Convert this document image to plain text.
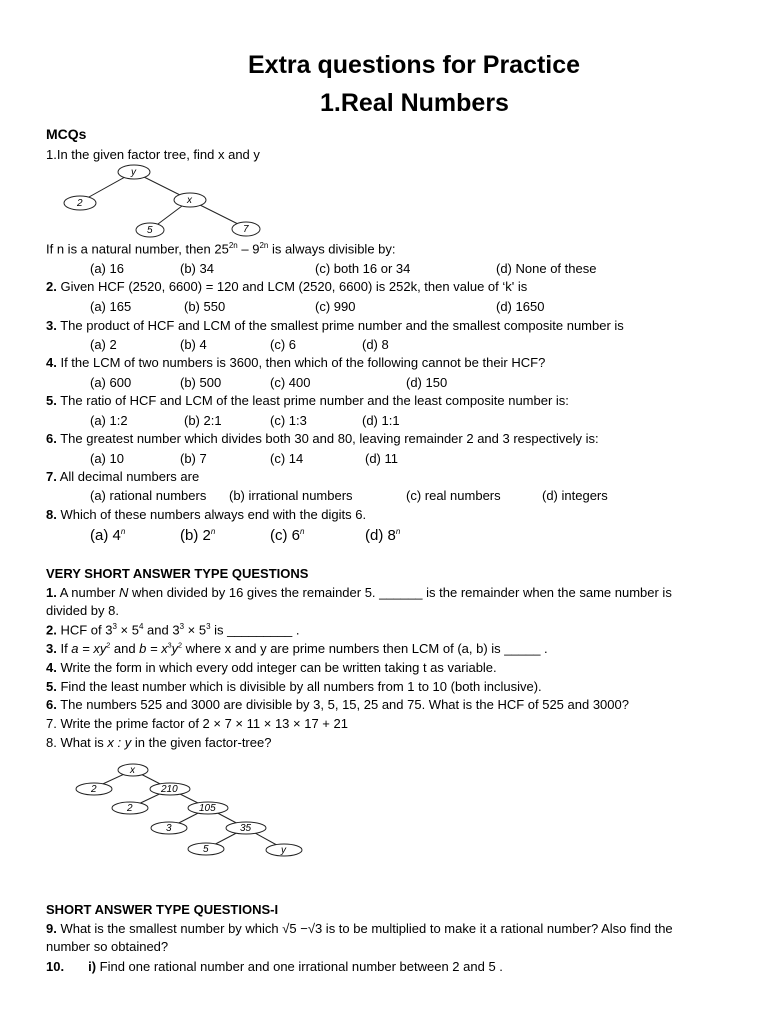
Extra questions for Practice
1.Real Numbers
MCQs
1.In the given factor tree, find x and y
y
2	x
5	7
If n is a natural number, then $25^{2n} - 9^{2n}$ is always divisible by:
(a) 16	(b) 34	(c) both 16 or 34	(d) None of these
2. Given HCF (2520, 6600) = 120 and LCM (2520, 6600) is 252k, then value of ‘k' is
(a) 165	(b) 550	(c) 990	(d) 1650
3. The product of HCF and LCM of the smallest prime number and the smallest composite number is
(a) 2	(b) 4	(c) 6	(d) 8
4. If the LCM of two numbers is 3600, then which of the following cannot be their HCF?
(a) 600	(b) 500	(c) 400	(d) 150
5. The ratio of HCF and LCM of the least prime number and the least composite number is:
(a) 1:2	(b) 2:1	(c) 1:3	(d) 1:1
6. The greatest number which divides both 30 and 80, leaving remainder 2 and 3 respectively is:
(a) 10	(b) 7	(c) 14	(d) 11
7. All decimal numbers are
(a) rational numbers (b) irrational numbers	(c) real numbers	(d) integers
8. Which of these numbers always end with the digits 6.
(a) 4$^n$	(b) 2$^n$	(c) 6$^n$	(d) 8$^n$
VERY SHORT ANSWER TYPE QUESTIONS
1. A number N when divided by 16 gives the remainder 5. ______ is the remainder when the same number is
divided by 8.
2. HCF of $3^3 \times 5^4$ and $3^3 \times 5^3$ is _________ .
3. If $a = xy^2$ and $b = x^3y^2$ where x and y are prime numbers then LCM of (a, b) is _____ .
4. Write the form in which every odd integer can be written taking t as variable.
5. Find the least number which is divisible by all numbers from 1 to 10 (both inclusive).
6. The numbers 525 and 3000 are divisible by 3, 5, 15, 25 and 75. What is the HCF of 525 and 3000?
7. Write the prime factor of 2 × 7 × 11 × 13 × 17 + 21
8. What is x : y in the given factor-tree?
x
2	210
2	105
3	35
5	y
SHORT ANSWER TYPE QUESTIONS-I
9. What is the smallest number by which √5 −√3 is to be multiplied to make it a rational number? Also find the
number so obtained?
10. i) Find one rational number and one irrational number between 2 and 5 .
